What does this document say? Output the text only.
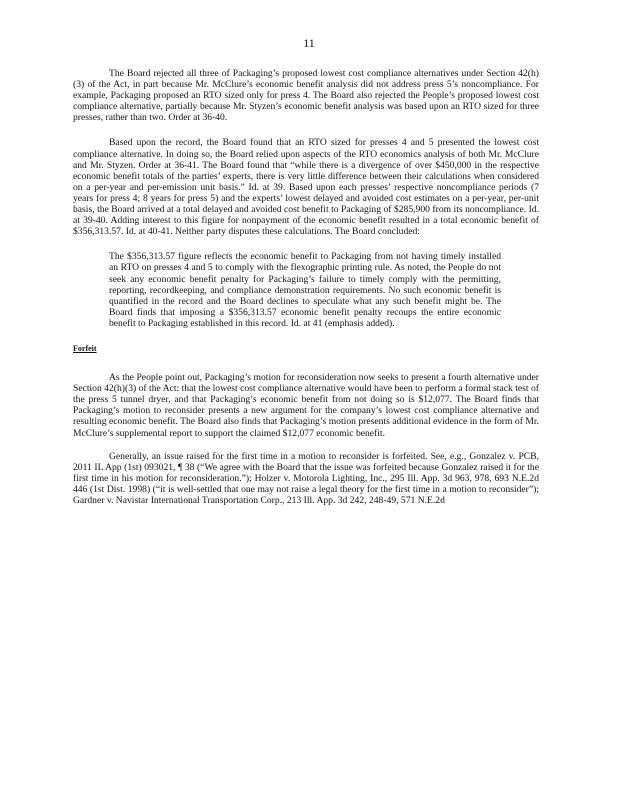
11

The Board rejected all three of Packaging’s proposed lowest cost compliance alternatives under Section 42(h)(3) of the Act, in part because Mr. McClure’s economic benefit analysis did not address press 5’s noncompliance. For example, Packaging proposed an RTO sized only for press 4. The Board also rejected the People’s proposed lowest cost compliance alternative, partially because Mr. Styzen’s economic benefit analysis was based upon an RTO sized for three presses, rather than two. Order at 36-40.

Based upon the record, the Board found that an RTO sized for presses 4 and 5 presented the lowest cost compliance alternative. In doing so, the Board relied upon aspects of the RTO economics analysis of both Mr. McClure and Mr. Styzen. Order at 36-41. The Board found that “while there is a divergence of over $450,000 in the respective economic benefit totals of the parties’ experts, there is very little difference between their calculations when considered on a per-year and per-emission unit basis.” Id. at 39. Based upon each presses’ respective noncompliance periods (7 years for press 4; 8 years for press 5) and the experts’ lowest delayed and avoided cost estimates on a per-year, per-unit basis, the Board arrived at a total delayed and avoided cost benefit to Packaging of $285,900 from its noncompliance. Id. at 39-40. Adding interest to this figure for nonpayment of the economic benefit resulted in a total economic benefit of $356,313.57. Id. at 40-41. Neither party disputes these calculations. The Board concluded:

The $356,313.57 figure reflects the economic benefit to Packaging from not having timely installed an RTO on presses 4 and 5 to comply with the flexographic printing rule. As noted, the People do not seek any economic benefit penalty for Packaging’s failure to timely comply with the permitting, reporting, recordkeeping, and compliance demonstration requirements. No such economic benefit is quantified in the record and the Board declines to speculate what any such benefit might be. The Board finds that imposing a $356,313.57 economic benefit penalty recoups the entire economic benefit to Packaging established in this record. Id. at 41 (emphasis added).

Forfeit

As the People point out, Packaging’s motion for reconsideration now seeks to present a fourth alternative under Section 42(h)(3) of the Act: that the lowest cost compliance alternative would have been to perform a formal stack test of the press 5 tunnel dryer, and that Packaging’s economic benefit from not doing so is $12,077. The Board finds that Packaging’s motion to reconsider presents a new argument for the company’s lowest cost compliance alternative and resulting economic benefit. The Board also finds that Packaging’s motion presents additional evidence in the form of Mr. McClure’s supplemental report to support the claimed $12,077 economic benefit.

Generally, an issue raised for the first time in a motion to reconsider is forfeited. See, e.g., Gonzalez v. PCB, 2011 IL App (1st) 093021, ¶ 38 (“We agree with the Board that the issue was forfeited because Gonzalez raised it for the first time in his motion for reconsideration.”); Holzer v. Motorola Lighting, Inc., 295 Ill. App. 3d 963, 978, 693 N.E.2d 446 (1st Dist. 1998) (“it is well-settled that one may not raise a legal theory for the first time in a motion to reconsider”); Gardner v. Navistar International Transportation Corp., 213 Ill. App. 3d 242, 248-49, 571 N.E.2d
